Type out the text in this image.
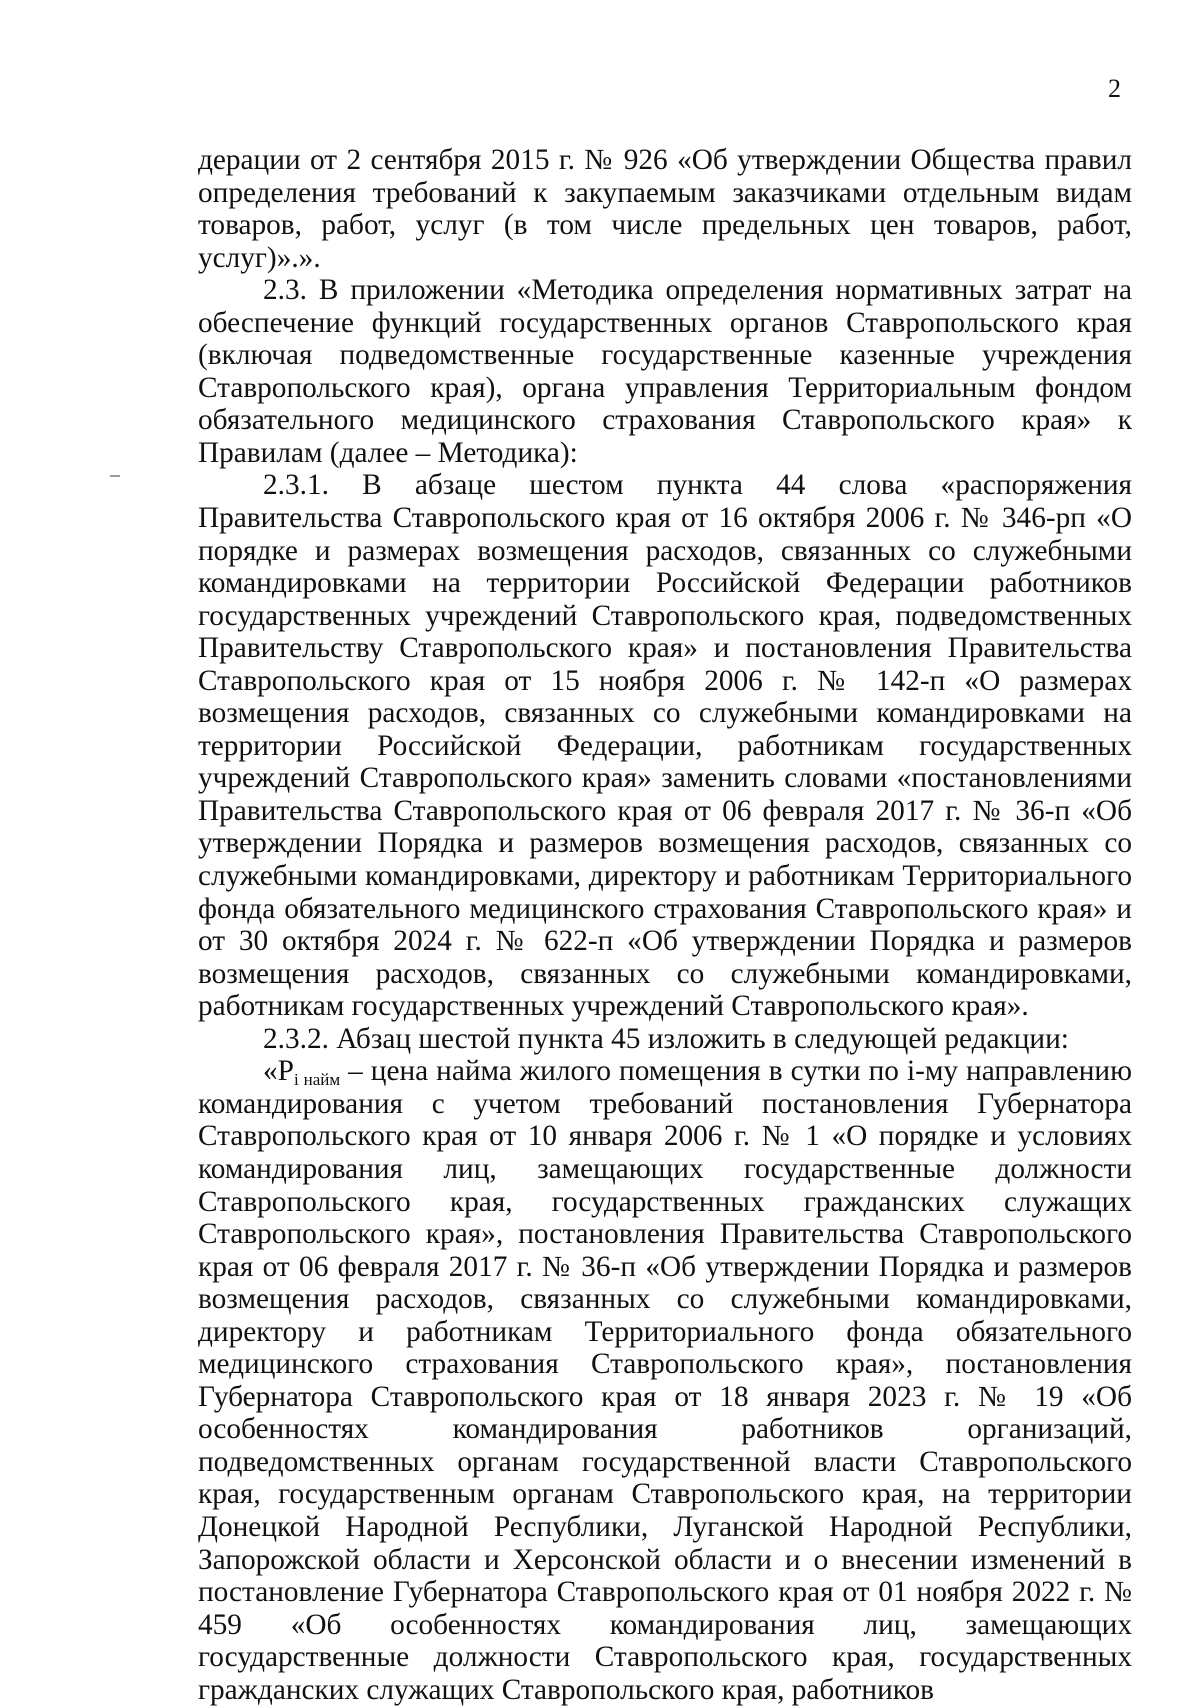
2

дерации от 2 сентября 2015 г. № 926 «Об утверждении Общества правил определения требований к закупаемым заказчиками отдельным видам товаров, работ, услуг (в том числе предельных цен товаров, работ, услуг)».».

2.3. В приложении «Методика определения нормативных затрат на обеспечение функций государственных органов Ставропольского края (включая подведомственные государственные казенные учреждения Ставропольского края), органа управления Территориальным фондом обязательного медицинского страхования Ставропольского края» к Правилам (далее – Методика):

2.3.1. В абзаце шестом пункта 44 слова «распоряжения Правительства Ставропольского края от 16 октября 2006 г. № 346-рп «О порядке и размерах возмещения расходов, связанных со служебными командировками на территории Российской Федерации работников государственных учреждений Ставропольского края, подведомственных Правительству Ставропольского края» и постановления Правительства Ставропольского края от 15 ноября 2006 г. № 142-п «О размерах возмещения расходов, связанных со служебными командировками на территории Российской Федерации, работникам государственных учреждений Ставропольского края» заменить словами «постановлениями Правительства Ставропольского края от 06 февраля 2017 г. № 36-п «Об утверждении Порядка и размеров возмещения расходов, связанных со служебными командировками, директору и работникам Территориального фонда обязательного медицинского страхования Ставропольского края» и от 30 октября 2024 г. № 622-п «Об утверждении Порядка и размеров возмещения расходов, связанных со служебными командировками, работникам государственных учреждений Ставропольского края».

2.3.2. Абзац шестой пункта 45 изложить в следующей редакции:

«$P_{i найм}$ – цена найма жилого помещения в сутки по i-му направлению командирования с учетом требований постановления Губернатора Ставропольского края от 10 января 2006 г. № 1 «О порядке и условиях командирования лиц, замещающих государственные должности Ставропольского края, государственных гражданских служащих Ставропольского края», постановления Правительства Ставропольского края от 06 февраля 2017 г. № 36-п «Об утверждении Порядка и размеров возмещения расходов, связанных со служебными командировками, директору и работникам Территориального фонда обязательного медицинского страхования Ставропольского края», постановления Губернатора Ставропольского края от 18 января 2023 г. № 19 «Об особенностях командирования работников организаций, подведомственных органам государственной власти Ставропольского края, государственным органам Ставропольского края, на территории Донецкой Народной Республики, Луганской Народной Республики, Запорожской области и Херсонской области и о внесении изменений в постановление Губернатора Ставропольского края от 01 ноября 2022 г. № 459 «Об особенностях командирования лиц, замещающих государственные должности Ставропольского края, государственных гражданских служащих Ставропольского края, работников
